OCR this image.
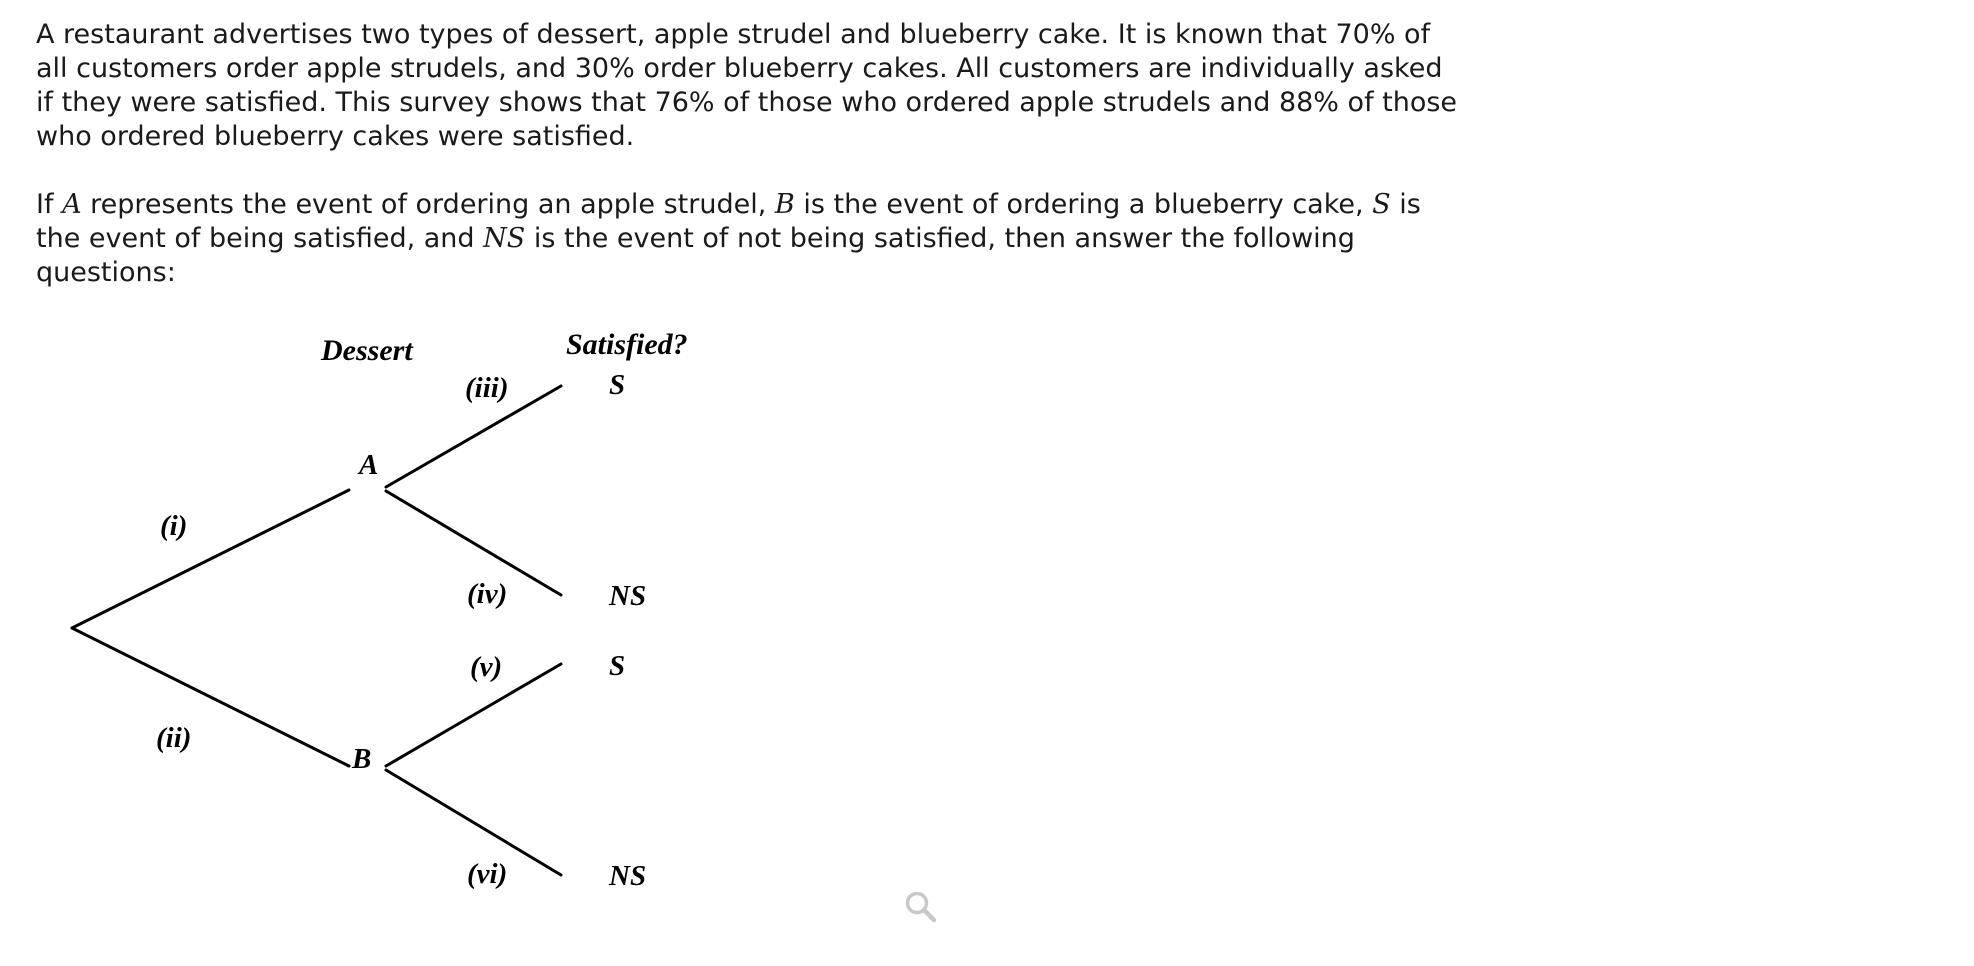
A restaurant advertises two types of dessert, apple strudel and blueberry cake. It is known that 70% of all customers order apple strudels, and 30% order blueberry cakes. All customers are individually asked if they were satisfied. This survey shows that 76% of those who ordered apple strudels and 88% of those who ordered blueberry cakes were satisfied.

If A represents the event of ordering an apple strudel, B is the event of ordering a blueberry cake, S is the event of being satisfied, and NS is the event of not being satisfied, then answer the following questions:

Dessert	Satisfied?
A
B
(i)
(ii)
(iii)
(iv)
(v)
(vi)
S
NS
S
NS
